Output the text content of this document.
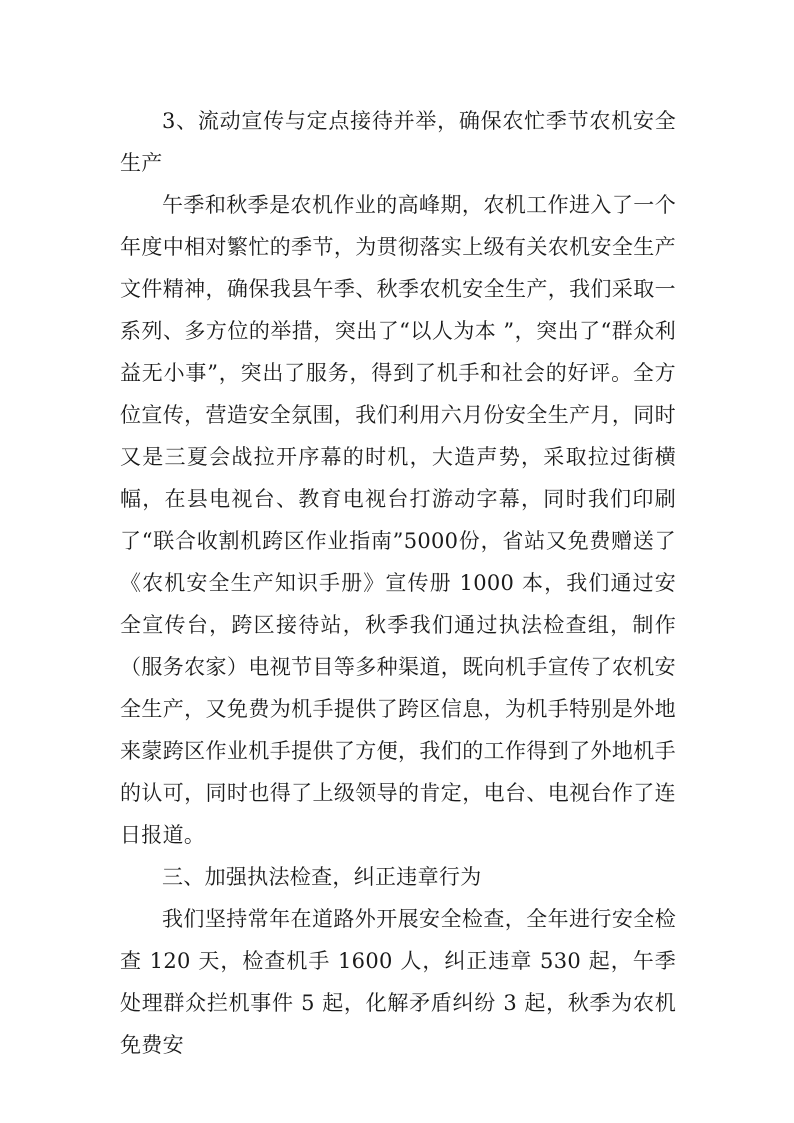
3、流动宣传与定点接待并举，确保农忙季节农机安全生产

午季和秋季是农机作业的高峰期，农机工作进入了一个年度中相对繁忙的季节，为贯彻落实上级有关农机安全生产文件精神，确保我县午季、秋季农机安全生产，我们采取一系列、多方位的举措，突出了“以人为本 ”，突出了“群众利益无小事”，突出了服务，得到了机手和社会的好评。全方位宣传，营造安全氛围，我们利用六月份安全生产月，同时又是三夏会战拉开序幕的时机，大造声势，采取拉过街横幅，在县电视台、教育电视台打游动字幕，同时我们印刷了“联合收割机跨区作业指南”5000份，省站又免费赠送了《农机安全生产知识手册》宣传册 1000 本，我们通过安全宣传台，跨区接待站，秋季我们通过执法检查组，制作（服务农家）电视节目等多种渠道，既向机手宣传了农机安全生产，又免费为机手提供了跨区信息，为机手特别是外地来蒙跨区作业机手提供了方便，我们的工作得到了外地机手的认可，同时也得了上级领导的肯定，电台、电视台作了连日报道。

三、加强执法检查，纠正违章行为

我们坚持常年在道路外开展安全检查，全年进行安全检查 120 天，检查机手 1600 人，纠正违章 530 起，午季处理群众拦机事件 5 起，化解矛盾纠纷 3 起，秋季为农机免费安
